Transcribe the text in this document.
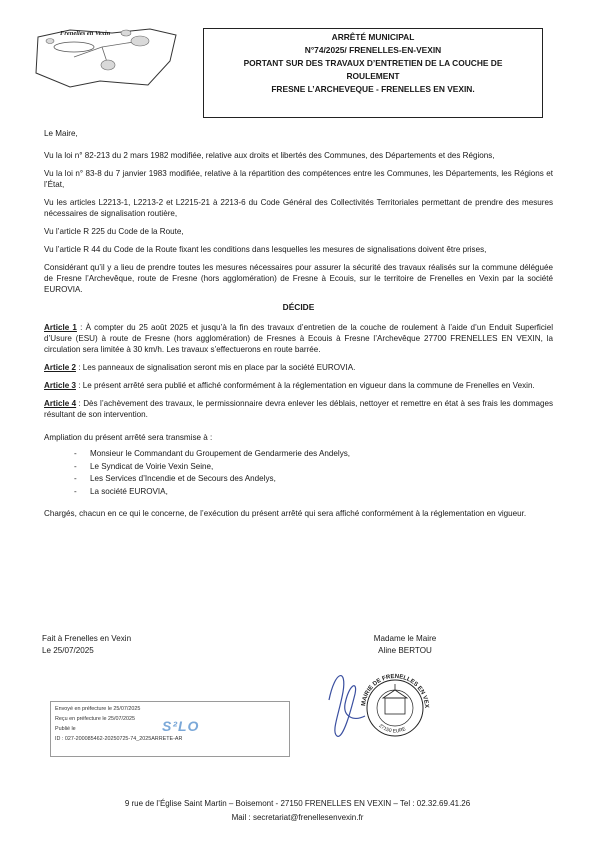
Frenelles en Vexin	ARRÊTÉ MUNICIPAL
N°74/2025/ FRENELLES-EN-VEXIN
PORTANT SUR DES TRAVAUX D’ENTRETIEN DE LA COUCHE DE
ROULEMENT
FRESNE L’ARCHEVEQUE - FRENELLES EN VEXIN.

Le Maire,

Vu la loi n° 82-213 du 2 mars 1982 modifiée, relative aux droits et libertés des Communes, des Départements et des Régions,

Vu la loi n° 83-8 du 7 janvier 1983 modifiée, relative à la répartition des compétences entre les Communes, les Départements, les Régions et l’État,

Vu les articles L2213-1, L2213-2 et L2215-21 à 2213-6 du Code Général des Collectivités Territoriales permettant de prendre des mesures nécessaires de signalisation routière,

Vu l’article R 225 du Code de la Route,

Vu l’article R 44 du Code de la Route fixant les conditions dans lesquelles les mesures de signalisations doivent être prises,

Considérant qu’il y a lieu de prendre toutes les mesures nécessaires pour assurer la sécurité des travaux réalisés sur la commune déléguée de Fresne l’Archevêque, route de Fresne (hors agglomération) de Fresne à Ecouis, sur le territoire de Frenelles en Vexin par la société EUROVIA.

DÉCIDE

Article 1 : À compter du 25 août 2025 et jusqu’à la fin des travaux d’entretien de la couche de roulement à l’aide d’un Enduit Superficiel d’Usure (ESU) à route de Fresne (hors agglomération) de Fresnes à Ecouis à Fresne l’Archevêque 27700 FRENELLES EN VEXIN, la circulation sera limitée à 30 km/h. Les travaux s’effectuerons en route barrée.

Article 2 : Les panneaux de signalisation seront mis en place par la société EUROVIA.

Article 3 : Le présent arrêté sera publié et affiché conformément à la réglementation en vigueur dans la commune de Frenelles en Vexin.

Article 4 : Dès l’achèvement des travaux, le permissionnaire devra enlever les déblais, nettoyer et remettre en état à ses frais les dommages résultant de son intervention.

Ampliation du présent arrêté sera transmise à :

- Monsieur le Commandant du Groupement de Gendarmerie des Andelys,
- Le Syndicat de Voirie Vexin Seine,
- Les Services d’Incendie et de Secours des Andelys,
- La société EUROVIA,

Chargés, chacun en ce qui le concerne, de l’exécution du présent arrêté qui sera affiché conformément à la réglementation en vigueur.

Fait à Frenelles en Vexin
Le 25/07/2025
Madame le Maire
Aline BERTOU
MAIRIE DE FRENELLES EN VEX
27150 EURE
Envoyé en préfecture le 25/07/2025
Reçu en préfecture le 25/07/2025
Publié le
ID : 027-200085462-20250725-74_2025ARRETE-AR
S²LO
9 rue de l’Église Saint Martin – Boisemont - 27150 FRENELLES EN VEXIN – Tel : 02.32.69.41.26
Mail : secretariat@frenellesenvexin.fr
